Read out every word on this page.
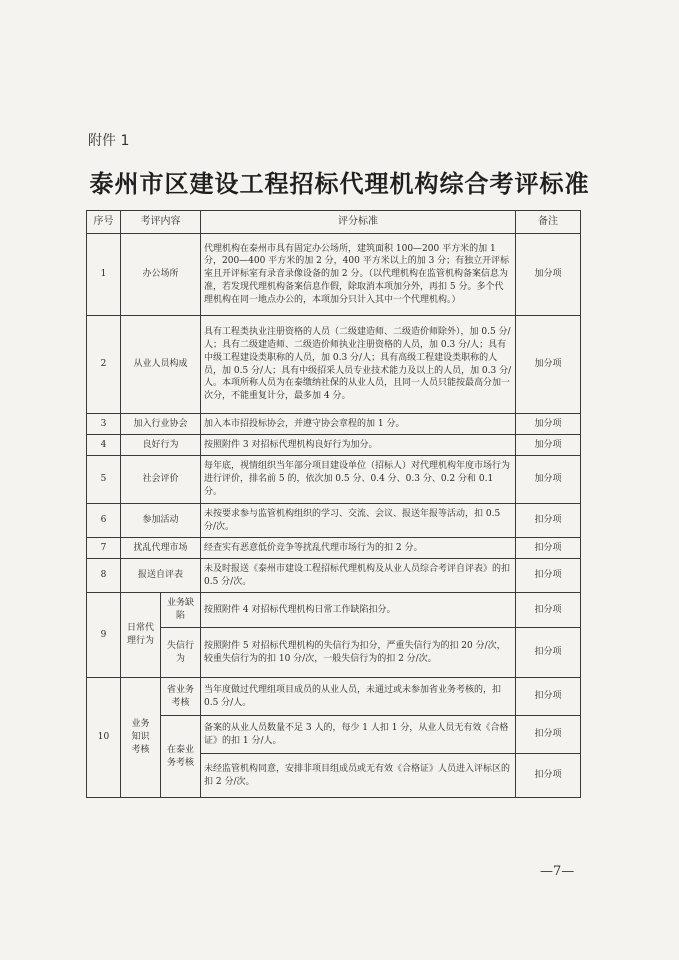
附件 1
泰州市区建设工程招标代理机构综合考评标准
序号	考评内容		评分标准	备注
1	办公场所		代理机构在泰州市具有固定办公场所，建筑面积 100—200 平方米的加 1 分，200—400 平方米的加 2 分，400 平方米以上的加 3 分；有独立开评标室且开评标室有录音录像设备的加 2 分。（以代理机构在监管机构备案信息为准，若发现代理机构备案信息作假，除取消本项加分外，再扣 5 分。多个代理机构在同一地点办公的，本项加分只计入其中一个代理机构。）	加分项
2	从业人员构成		具有工程类执业注册资格的人员（二级建造师、二级造价师除外），加 0.5 分/人；具有二级建造师、二级造价师执业注册资格的人员，加 0.3 分/人；具有中级工程建设类职称的人员，加 0.3 分/人；具有高级工程建设类职称的人员，加 0.5 分/人；具有中级招采人员专业技术能力及以上的人员，加 0.3 分/人。本项所称人员为在泰缴纳社保的从业人员，且同一人员只能按最高分加一次分，不能重复计分，最多加 4 分。	加分项
3	加入行业协会		加入本市招投标协会，并遵守协会章程的加 1 分。	加分项
4	良好行为		按照附件 3 对招标代理机构良好行为加分。	加分项
5	社会评价		每年底，视情组织当年部分项目建设单位（招标人）对代理机构年度市场行为进行评价，排名前 5 的，依次加 0.5 分、0.4 分、0.3 分、0.2 分和 0.1 分。	加分项
6	参加活动		未按要求参与监管机构组织的学习、交流、会议、报送年报等活动，扣 0.5 分/次。	扣分项
7	扰乱代理市场		经查实有恶意低价竞争等扰乱代理市场行为的扣 2 分。	扣分项
8	报送自评表		未及时报送《泰州市建设工程招标代理机构及从业人员综合考评自评表》的扣 0.5 分/次。	扣分项
9	日常代理行为	业务缺陷	按照附件 4 对招标代理机构日常工作缺陷扣分。	扣分项
		失信行为	按照附件 5 对招标代理机构的失信行为扣分，严重失信行为的扣 20 分/次，较重失信行为的扣 10 分/次，一般失信行为的扣 2 分/次。	扣分项
10	业务知识考核	省业务考核	当年度做过代理组项目成员的从业人员，未通过或未参加省业务考核的，扣 0.5 分/人。	扣分项
		在泰业务考核	备案的从业人员数量不足 3 人的，每少 1 人扣 1 分，从业人员无有效《合格证》的扣 1 分/人。	扣分项
			未经监管机构同意，安排非项目组成员或无有效《合格证》人员进入评标区的扣 2 分/次。	扣分项
—7—
